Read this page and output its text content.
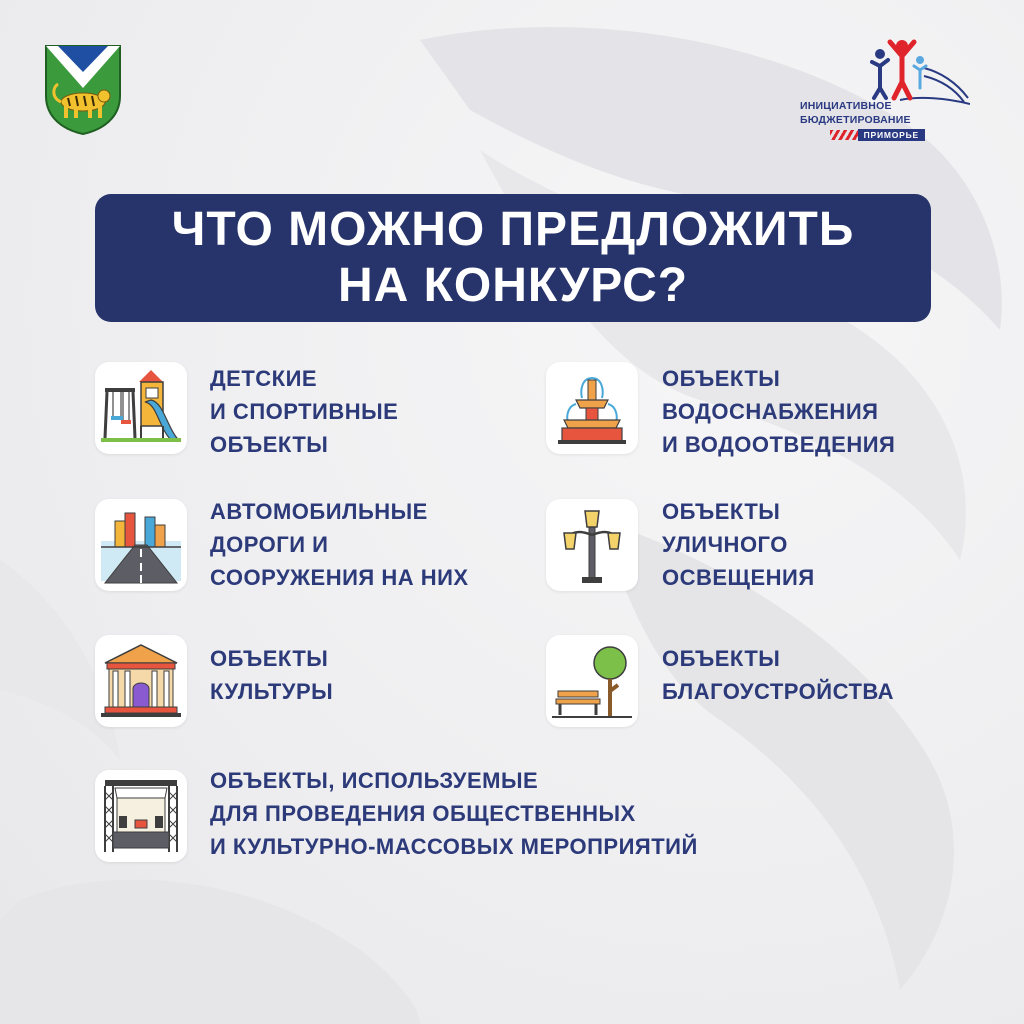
ИНИЦИАТИВНОЕ
БЮДЖЕТИРОВАНИЕ
ПРИМОРЬЕ
ЧТО МОЖНО ПРЕДЛОЖИТЬ
НА КОНКУРС?
ДЕТСКИЕ
И СПОРТИВНЫЕ
ОБЪЕКТЫ
ОБЪЕКТЫ
ВОДОСНАБЖЕНИЯ
И ВОДООТВЕДЕНИЯ
АВТОМОБИЛЬНЫЕ
ДОРОГИ И
СООРУЖЕНИЯ НА НИХ
ОБЪЕКТЫ
УЛИЧНОГО
ОСВЕЩЕНИЯ
ОБЪЕКТЫ
КУЛЬТУРЫ
ОБЪЕКТЫ
БЛАГОУСТРОЙСТВА
ОБЪЕКТЫ, ИСПОЛЬЗУЕМЫЕ
ДЛЯ ПРОВЕДЕНИЯ ОБЩЕСТВЕННЫХ
И КУЛЬТУРНО-МАССОВЫХ МЕРОПРИЯТИЙ
